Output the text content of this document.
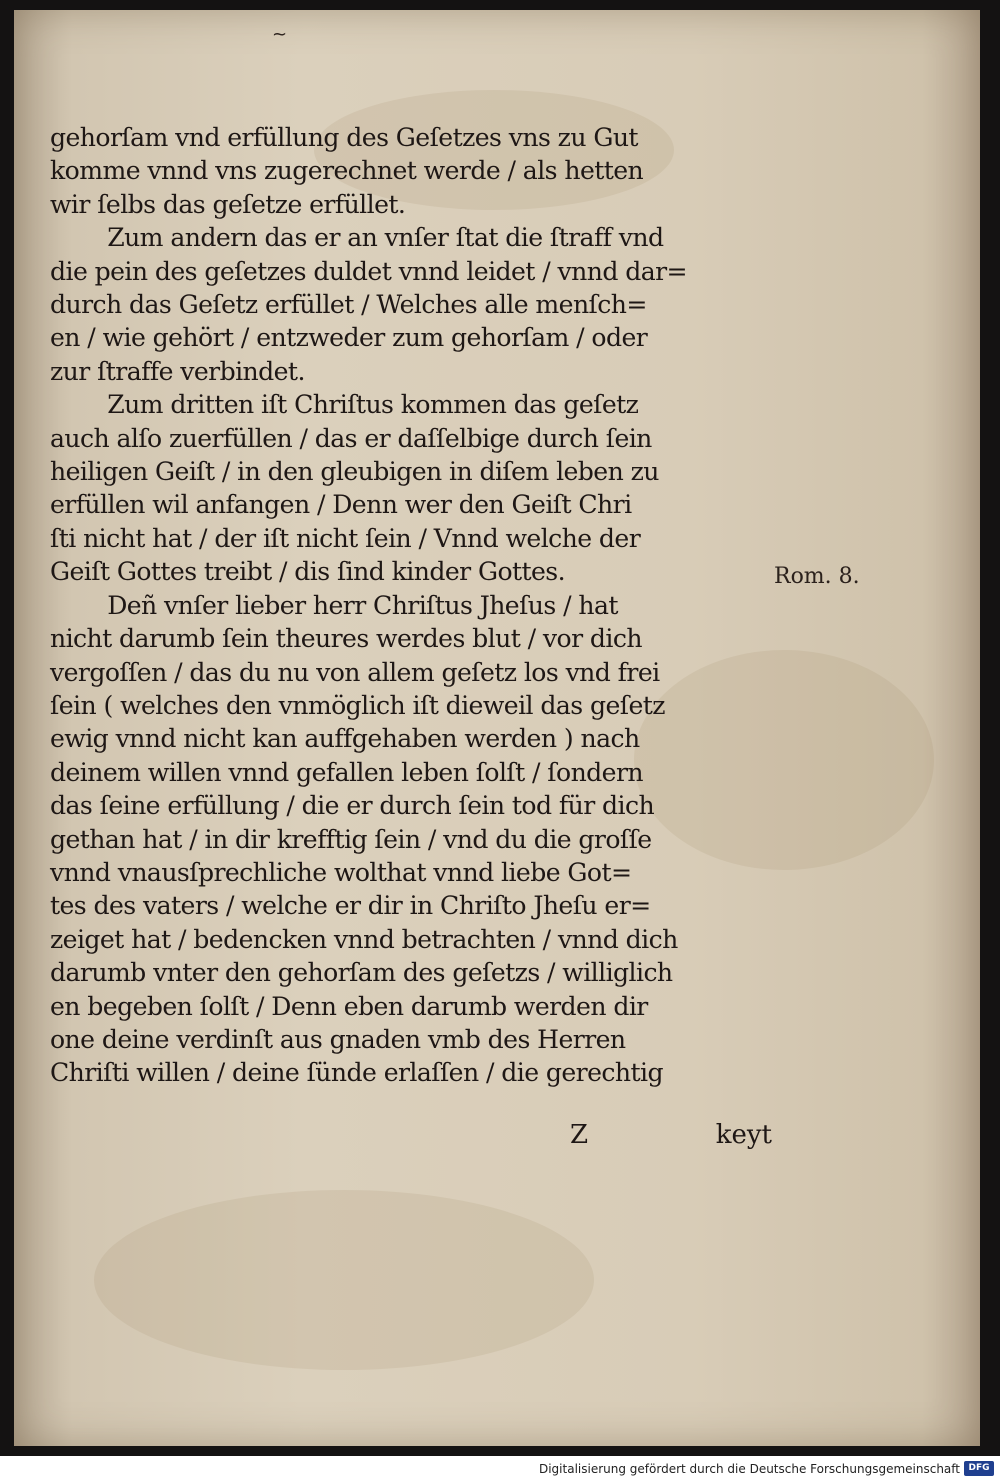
~
gehorſam vnd erfüllung des Geſetzes vns zu Gut
komme vnnd vns zugerechnet werde / als hetten
wir ſelbs das geſetze erfüllet.
Zum andern das er an vnſer ſtat die ſtraff vnd
die pein des geſetzes duldet vnnd leidet / vnnd dar=
durch das Geſetz erfüllet / Welches alle menſch=
en / wie gehört / entzweder zum gehorſam / oder
zur ſtraffe verbindet.
Zum dritten iſt Chriſtus kommen das geſetz
auch alſo zuerfüllen / das er daſſelbige durch ſein
heiligen Geiſt / in den gleubigen in diſem leben zu
erfüllen wil anfangen / Denn wer den Geiſt Chri
ſti nicht hat / der iſt nicht ſein / Vnnd welche der
Geiſt Gottes treibt / dis ſind kinder Gottes.
Deñ vnſer lieber herr Chriſtus Jheſus / hat
nicht darumb ſein theures werdes blut / vor dich
vergoſſen / das du nu von allem geſetz los vnd frei
ſein ( welches den vnmöglich iſt dieweil das geſetz
ewig vnnd nicht kan auffgehaben werden ) nach
deinem willen vnnd gefallen leben ſolſt / ſondern
das ſeine erfüllung / die er durch ſein tod für dich
gethan hat / in dir krefftig ſein / vnd du die groſſe
vnnd vnausſprechliche wolthat vnnd liebe Got=
tes des vaters / welche er dir in Chriſto Jheſu er=
zeiget hat / bedencken vnnd betrachten / vnnd dich
darumb vnter den gehorſam des geſetzs / williglich
en begeben ſolſt / Denn eben darumb werden dir
one deine verdinſt aus gnaden vmb des Herren
Chriſti willen / deine ſünde erlaſſen / die gerechtig
Z	keyt
Rom. 8.
Digitalisierung gefördert durch die Deutsche Forschungsgemeinschaft DFG
